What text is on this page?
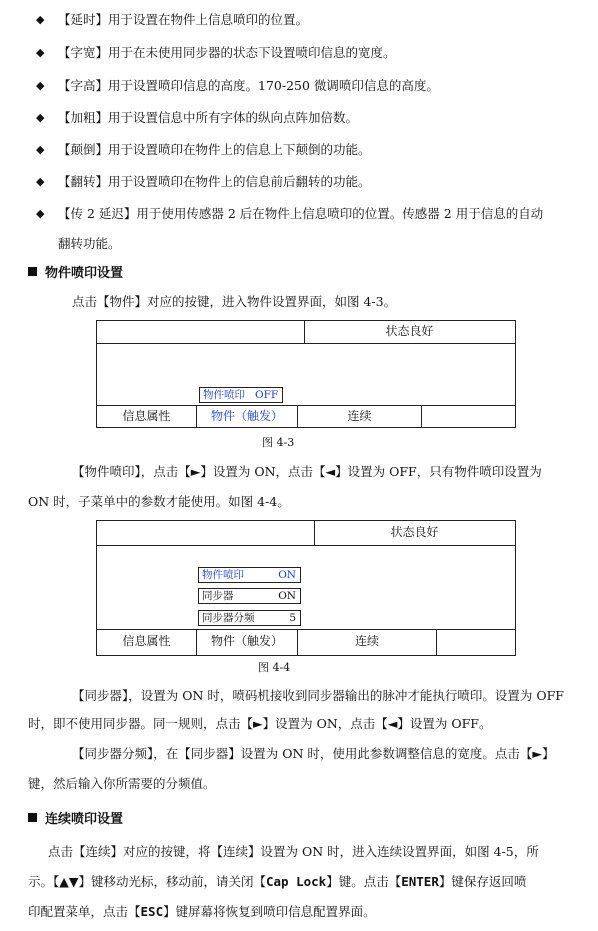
◆ 【延时】用于设置在物件上信息喷印的位置。
◆ 【字宽】用于在未使用同步器的状态下设置喷印信息的宽度。
◆ 【字高】用于设置喷印信息的高度。170-250 微调喷印信息的高度。
◆ 【加粗】用于设置信息中所有字体的纵向点阵加倍数。
◆ 【颠倒】用于设置喷印在物件上的信息上下颠倒的功能。
◆ 【翻转】用于设置喷印在物件上的信息前后翻转的功能。
◆ 【传 2 延迟】用于使用传感器 2 后在物件上信息喷印的位置。传感器 2 用于信息的自动
翻转功能。
物件喷印设置
点击【物件】对应的按键，进入物件设置界面，如图 4-3。
状态良好
物件喷印 OFF
信息属性	物件（触发）	连续
图 4-3
【物件喷印】，点击【►】设置为 ON，点击【◄】设置为 OFF，只有物件喷印设置为
ON 时，子菜单中的参数才能使用。如图 4-4。
状态良好
物件喷印	ON
同步器	ON
同步器分频	5
信息属性	物件（触发）	连续
图 4-4
【同步器】，设置为 ON 时，喷码机接收到同步器输出的脉冲才能执行喷印。设置为 OFF
时，即不使用同步器。同一规则，点击【►】设置为 ON，点击【◄】设置为 OFF。
【同步器分频】，在【同步器】设置为 ON 时，使用此参数调整信息的宽度。点击【►】
键，然后输入你所需要的分频值。
连续喷印设置
点击【连续】对应的按键，将【连续】设置为 ON 时，进入连续设置界面，如图 4-5，所
示。【▲▼】键移动光标，移动前，请关闭【Cap Lock】键。点击【ENTER】键保存返回喷
印配置菜单，点击【ESC】键屏幕将恢复到喷印信息配置界面。
